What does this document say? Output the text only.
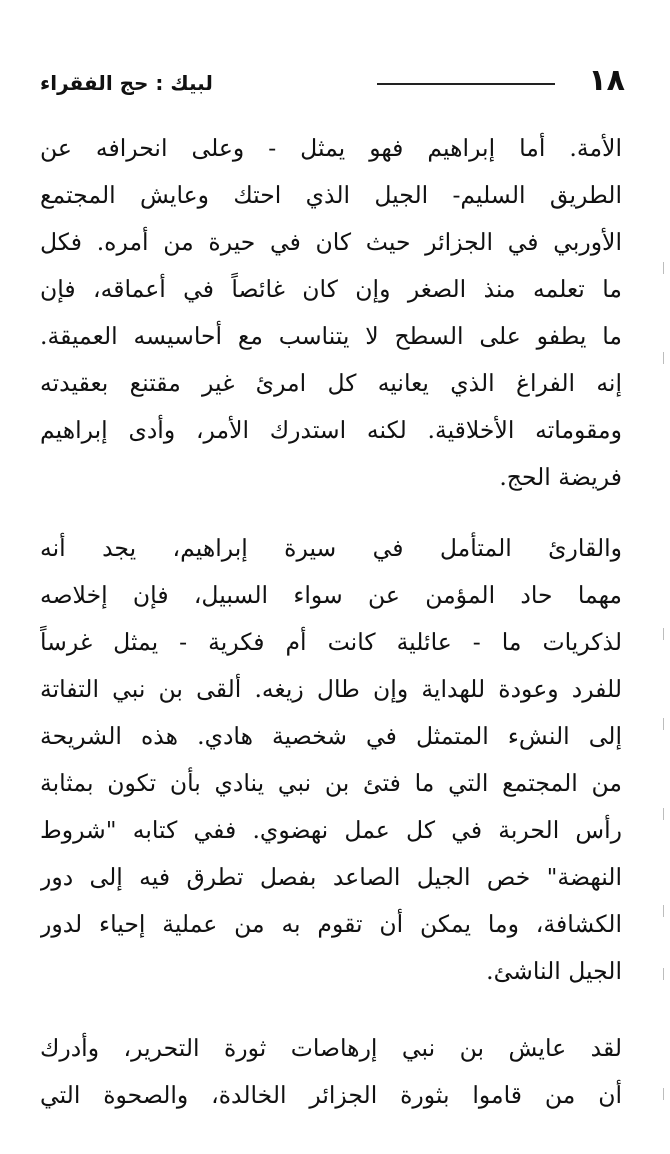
١٨
لبيك : حج الفقراء

الأمة. أما إبراهيم فهو يمثل - وعلى انحرافه عن
الطريق السليم- الجيل الذي احتك وعايش المجتمع
الأوربي في الجزائر حيث كان في حيرة من أمره. فكل
ما تعلمه منذ الصغر وإن كان غائصاً في أعماقه، فإن
ما يطفو على السطح لا يتناسب مع أحاسيسه العميقة.
إنه الفراغ الذي يعانيه كل امرئ غير مقتنع بعقيدته
ومقوماته الأخلاقية. لكنه استدرك الأمر، وأدى إبراهيم
فريضة الحج.

والقارئ المتأمل في سيرة إبراهيم، يجد أنه
مهما حاد المؤمن عن سواء السبيل، فإن إخلاصه
لذكريات ما - عائلية كانت أم فكرية - يمثل غرساً
للفرد وعودة للهداية وإن طال زيغه. ألقى بن نبي التفاتة
إلى النشء المتمثل في شخصية هادي. هذه الشريحة
من المجتمع التي ما فتئ بن نبي ينادي بأن تكون بمثابة
رأس الحربة في كل عمل نهضوي. ففي كتابه "شروط
النهضة" خص الجيل الصاعد بفصل تطرق فيه إلى دور
الكشافة، وما يمكن أن تقوم به من عملية إحياء لدور
الجيل الناشئ.

لقد عايش بن نبي إرهاصات ثورة التحرير، وأدرك
أن من قاموا بثورة الجزائر الخالدة، والصحوة التي
